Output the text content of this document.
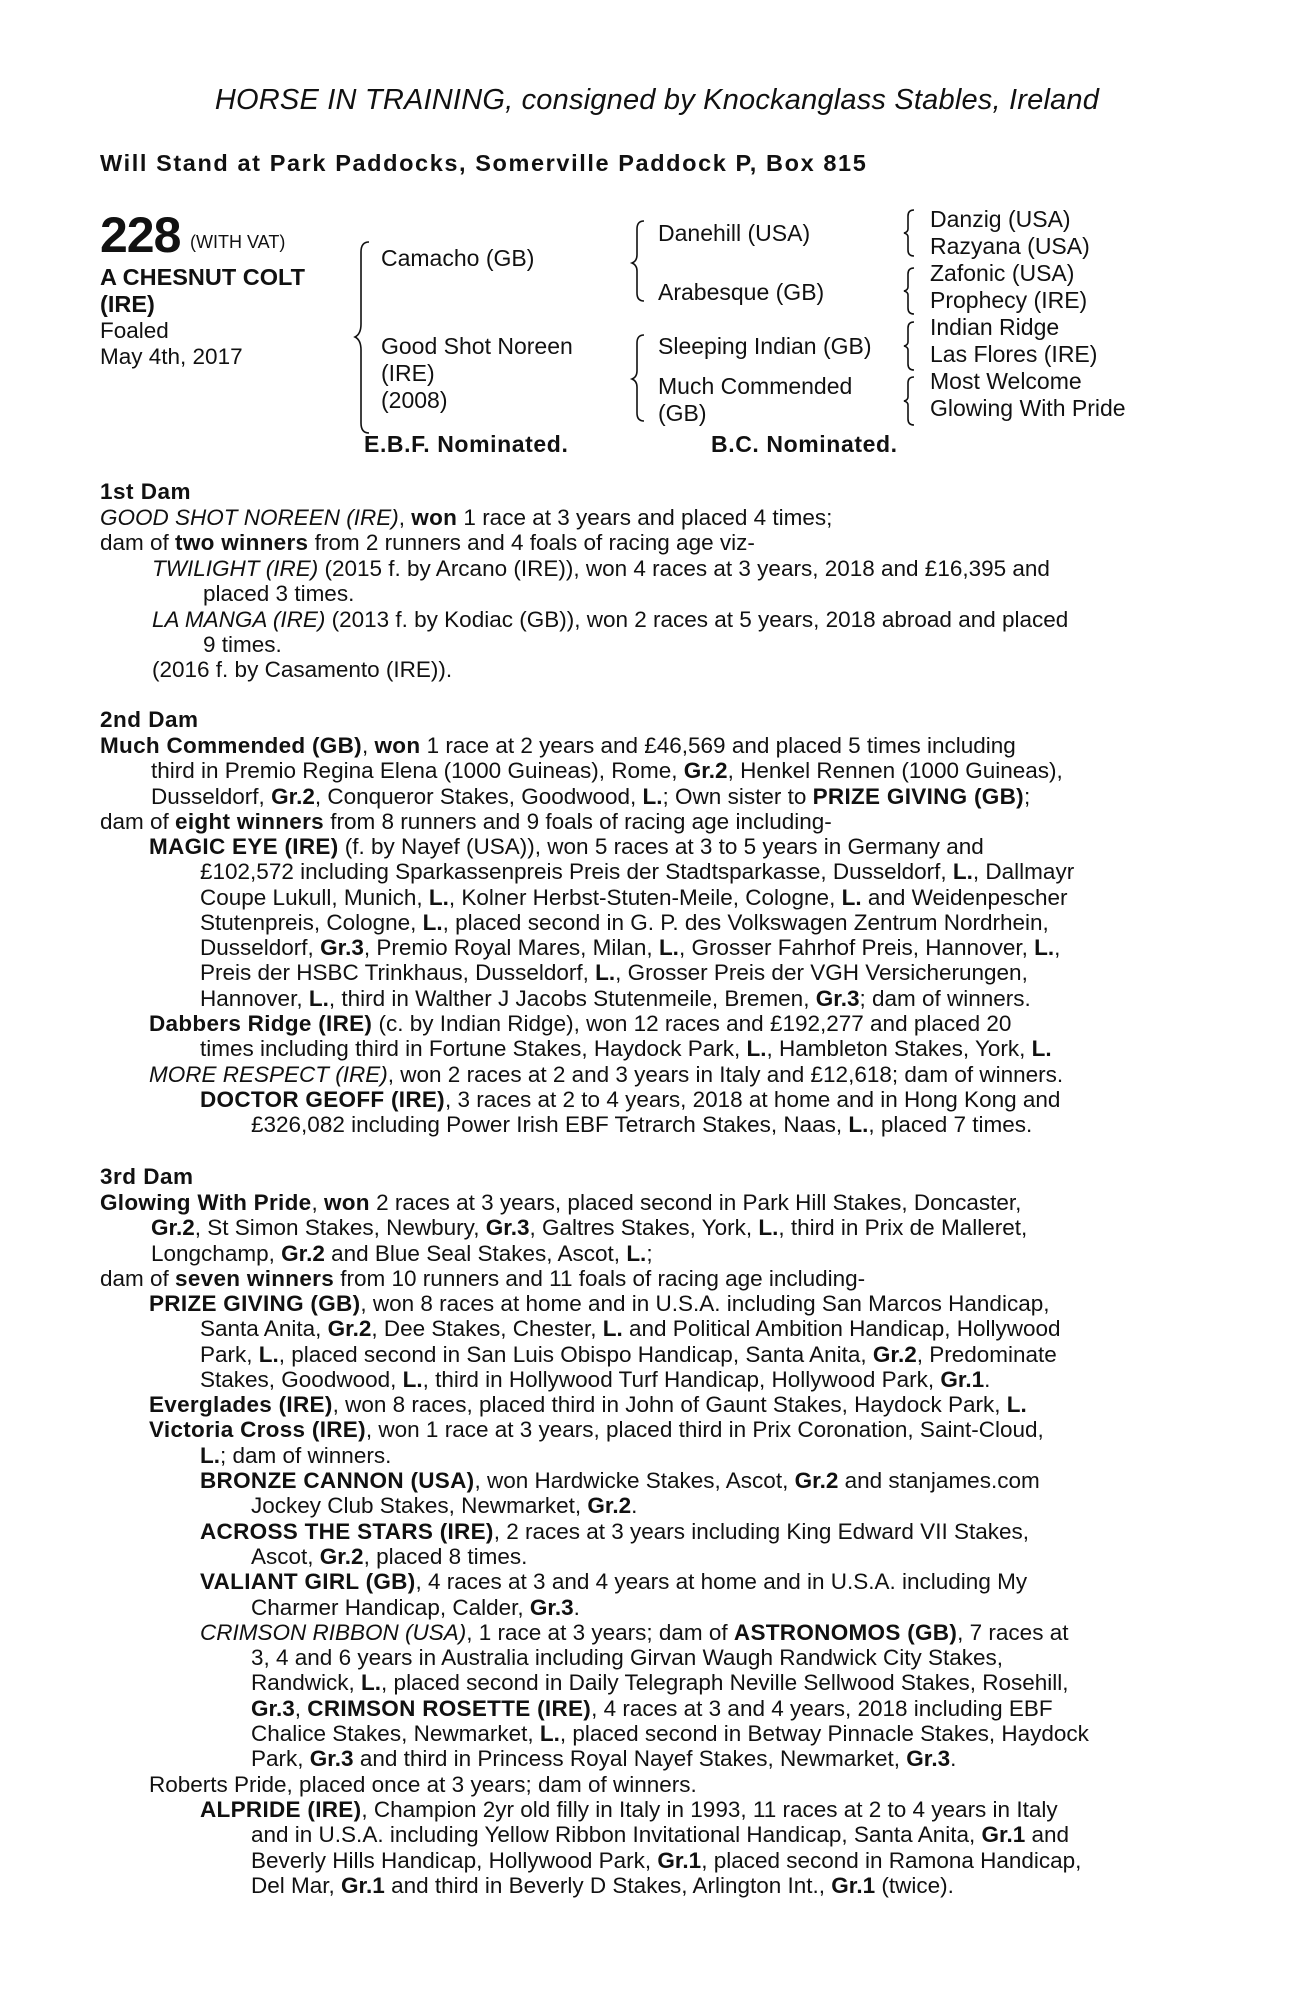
HORSE IN TRAINING, consigned by Knockanglass Stables, Ireland
Will Stand at Park Paddocks, Somerville Paddock P, Box 815
228 (WITH VAT)
A CHESNUT COLT
(IRE)
Foaled
May 4th, 2017
Camacho (GB)
Good Shot Noreen
(IRE)
(2008)
Danehill (USA)
Arabesque (GB)
Sleeping Indian (GB)
Much Commended
(GB)
Danzig (USA)
Razyana (USA)
Zafonic (USA)
Prophecy (IRE)
Indian Ridge
Las Flores (IRE)
Most Welcome
Glowing With Pride
E.B.F. Nominated.	B.C. Nominated.
1st Dam
GOOD SHOT NOREEN (IRE), won 1 race at 3 years and placed 4 times;
dam of two winners from 2 runners and 4 foals of racing age viz-
TWILIGHT (IRE) (2015 f. by Arcano (IRE)), won 4 races at 3 years, 2018 and £16,395 and
placed 3 times.
LA MANGA (IRE) (2013 f. by Kodiac (GB)), won 2 races at 5 years, 2018 abroad and placed
9 times.
(2016 f. by Casamento (IRE)).
2nd Dam
Much Commended (GB), won 1 race at 2 years and £46,569 and placed 5 times including
third in Premio Regina Elena (1000 Guineas), Rome, Gr.2, Henkel Rennen (1000 Guineas),
Dusseldorf, Gr.2, Conqueror Stakes, Goodwood, L.; Own sister to PRIZE GIVING (GB);
dam of eight winners from 8 runners and 9 foals of racing age including-
MAGIC EYE (IRE) (f. by Nayef (USA)), won 5 races at 3 to 5 years in Germany and
£102,572 including Sparkassenpreis Preis der Stadtsparkasse, Dusseldorf, L., Dallmayr
Coupe Lukull, Munich, L., Kolner Herbst-Stuten-Meile, Cologne, L. and Weidenpescher
Stutenpreis, Cologne, L., placed second in G. P. des Volkswagen Zentrum Nordrhein,
Dusseldorf, Gr.3, Premio Royal Mares, Milan, L., Grosser Fahrhof Preis, Hannover, L.,
Preis der HSBC Trinkhaus, Dusseldorf, L., Grosser Preis der VGH Versicherungen,
Hannover, L., third in Walther J Jacobs Stutenmeile, Bremen, Gr.3; dam of winners.
Dabbers Ridge (IRE) (c. by Indian Ridge), won 12 races and £192,277 and placed 20
times including third in Fortune Stakes, Haydock Park, L., Hambleton Stakes, York, L.
MORE RESPECT (IRE), won 2 races at 2 and 3 years in Italy and £12,618; dam of winners.
DOCTOR GEOFF (IRE), 3 races at 2 to 4 years, 2018 at home and in Hong Kong and
£326,082 including Power Irish EBF Tetrarch Stakes, Naas, L., placed 7 times.
3rd Dam
Glowing With Pride, won 2 races at 3 years, placed second in Park Hill Stakes, Doncaster,
Gr.2, St Simon Stakes, Newbury, Gr.3, Galtres Stakes, York, L., third in Prix de Malleret,
Longchamp, Gr.2 and Blue Seal Stakes, Ascot, L.;
dam of seven winners from 10 runners and 11 foals of racing age including-
PRIZE GIVING (GB), won 8 races at home and in U.S.A. including San Marcos Handicap,
Santa Anita, Gr.2, Dee Stakes, Chester, L. and Political Ambition Handicap, Hollywood
Park, L., placed second in San Luis Obispo Handicap, Santa Anita, Gr.2, Predominate
Stakes, Goodwood, L., third in Hollywood Turf Handicap, Hollywood Park, Gr.1.
Everglades (IRE), won 8 races, placed third in John of Gaunt Stakes, Haydock Park, L.
Victoria Cross (IRE), won 1 race at 3 years, placed third in Prix Coronation, Saint-Cloud,
L.; dam of winners.
BRONZE CANNON (USA), won Hardwicke Stakes, Ascot, Gr.2 and stanjames.com
Jockey Club Stakes, Newmarket, Gr.2.
ACROSS THE STARS (IRE), 2 races at 3 years including King Edward VII Stakes,
Ascot, Gr.2, placed 8 times.
VALIANT GIRL (GB), 4 races at 3 and 4 years at home and in U.S.A. including My
Charmer Handicap, Calder, Gr.3.
CRIMSON RIBBON (USA), 1 race at 3 years; dam of ASTRONOMOS (GB), 7 races at
3, 4 and 6 years in Australia including Girvan Waugh Randwick City Stakes,
Randwick, L., placed second in Daily Telegraph Neville Sellwood Stakes, Rosehill,
Gr.3, CRIMSON ROSETTE (IRE), 4 races at 3 and 4 years, 2018 including EBF
Chalice Stakes, Newmarket, L., placed second in Betway Pinnacle Stakes, Haydock
Park, Gr.3 and third in Princess Royal Nayef Stakes, Newmarket, Gr.3.
Roberts Pride, placed once at 3 years; dam of winners.
ALPRIDE (IRE), Champion 2yr old filly in Italy in 1993, 11 races at 2 to 4 years in Italy
and in U.S.A. including Yellow Ribbon Invitational Handicap, Santa Anita, Gr.1 and
Beverly Hills Handicap, Hollywood Park, Gr.1, placed second in Ramona Handicap,
Del Mar, Gr.1 and third in Beverly D Stakes, Arlington Int., Gr.1 (twice).
